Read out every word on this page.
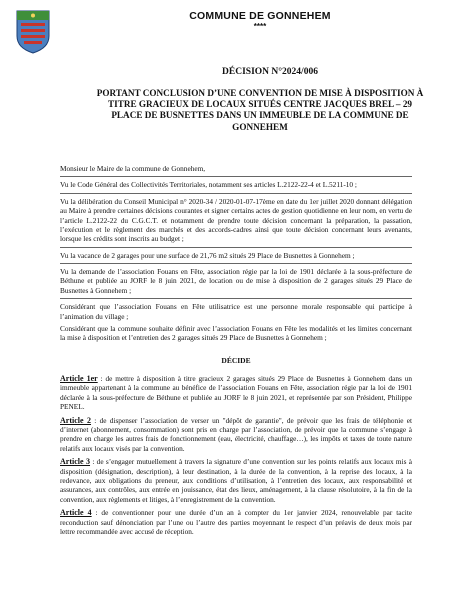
COMMUNE DE GONNEHEM
****
DÉCISION N°2024/006
PORTANT CONCLUSION D’UNE CONVENTION DE MISE À DISPOSITION À TITRE GRACIEUX DE LOCAUX SITUÉS CENTRE JACQUES BREL – 29 PLACE DE BUSNETTES DANS UN IMMEUBLE DE LA COMMUNE DE GONNEHEM

Monsieur le Maire de la commune de Gonnehem,

Vu le Code Général des Collectivités Territoriales, notamment ses articles L.2122-22-4 et L.5211-10 ;

Vu la délibération du Conseil Municipal n° 2020-34 / 2020-01-07-17ème en date du 1er juillet 2020 donnant délégation au Maire à prendre certaines décisions courantes et signer certains actes de gestion quotidienne en leur nom, en vertu de l’article L.2122-22 du C.G.C.T. et notamment de prendre toute décision concernant la préparation, la passation, l’exécution et le règlement des marchés et des accords-cadres ainsi que toute décision concernant leurs avenants, lorsque les crédits sont inscrits au budget ;

Vu la vacance de 2 garages pour une surface de 21,76 m2 situés 29 Place de Busnettes à Gonnehem ;

Vu la demande de l’association Fouans en Fête, association régie par la loi de 1901 déclarée à la sous-préfecture de Béthune et publiée au JORF le 8 juin 2021, de location ou de mise à disposition de 2 garages situés 29 Place de Busnettes à Gonnehem ;

Considérant que l’association Fouans en Fête utilisatrice est une personne morale responsable qui participe à l’animation du village ;

Considérant que la commune souhaite définir avec l’association Fouans en Fête les modalités et les limites concernant la mise à disposition et l’entretien des 2 garages situés 29 Place de Busnettes à Gonnehem ;

DÉCIDE

Article 1er : de mettre à disposition à titre gracieux 2 garages situés 29 Place de Busnettes à Gonnehem dans un immeuble appartenant à la commune au bénéfice de l’association Fouans en Fête, association régie par la loi de 1901 déclarée à la sous-préfecture de Béthune et publiée au JORF le 8 juin 2021, et représentée par son Président, Philippe PENEL.

Article 2 : de dispenser l’association de verser un "dépôt de garantie", de prévoir que les frais de téléphonie et d’internet (abonnement, consommation) sont pris en charge par l’association, de prévoir que la commune s’engage à prendre en charge les autres frais de fonctionnement (eau, électricité, chauffage…), les impôts et taxes de toute nature relatifs aux locaux visés par la convention.

Article 3 : de s’engager mutuellement à travers la signature d’une convention sur les points relatifs aux locaux mis à disposition (désignation, description), à leur destination, à la durée de la convention, à la reprise des locaux, à la redevance, aux obligations du preneur, aux conditions d’utilisation, à l’entretien des locaux, aux responsabilité et assurances, aux contrôles, aux entrée en jouissance, état des lieux, aménagement, à la clause résolutoire, à la fin de la convention, aux règlements et litiges, à l’enregistrement de la convention.

Article 4 : de conventionner pour une durée d’un an à compter du 1er janvier 2024, renouvelable par tacite reconduction sauf dénonciation par l’une ou l’autre des parties moyennant le respect d’un préavis de deux mois par lettre recommandée avec accusé de réception.
